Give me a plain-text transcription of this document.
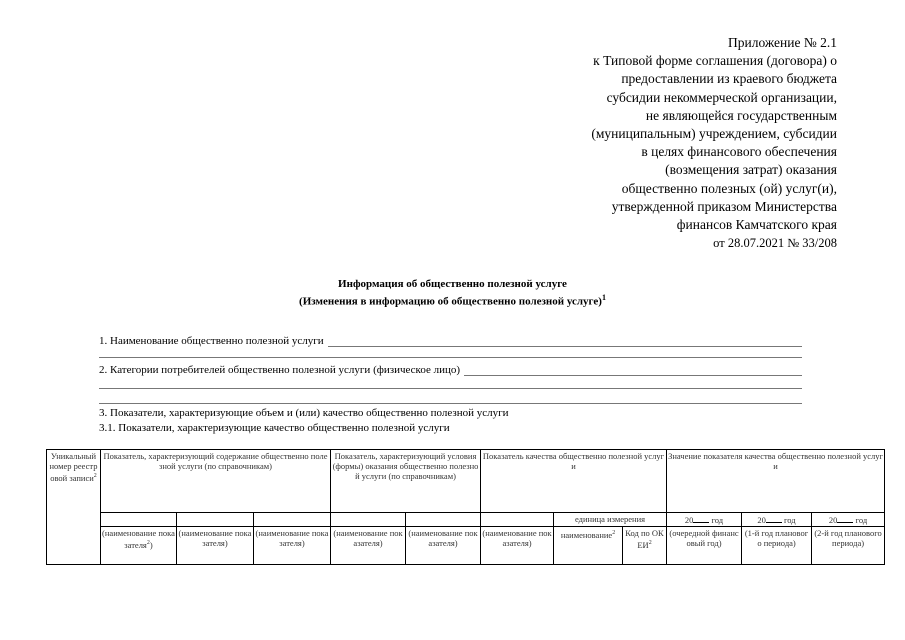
Приложение № 2.1
к Типовой форме соглашения (договора) о
предоставлении из краевого бюджета
субсидии некоммерческой организации,
не являющейся государственным
(муниципальным) учреждением, субсидии
в целях финансового обеспечения
(возмещения затрат) оказания
общественно полезных (ой) услуг(и),
утвержденной приказом Министерства
финансов Камчатского края
от 28.07.2021 № 33/208
Информация об общественно полезной услуге
(Изменения в информацию об общественно полезной услуге)$^1$
1. Наименование общественно полезной услуги
2. Категории потребителей общественно полезной услуги (физическое лицо)
3. Показатели, характеризующие объем и (или) качество общественно полезной услуги
3.1. Показатели, характеризующие качество общественно полезной услуги
Уникальный номер реестровой записи$^2$	Показатель, характеризующий содержание общественно полезной услуги (по справочникам)			Показатель, характеризующий условия (формы) оказания общественно полезной услуги (по справочникам)		Показатель качества общественно полезной услуги			Значение показателя качества общественно полезной услуги		
							единица измерения		20 год	20 год	20 год
	(наименование показателя$^2$)	(наименование показателя)	(наименование показателя)	(наименование показателя)	(наименование показателя)	(наименование показателя)	наименование$^2$	Код по ОКЕИ$^2$	(очередной финансовый год)	(1-й год планового периода)	(2-й год планового периода)
